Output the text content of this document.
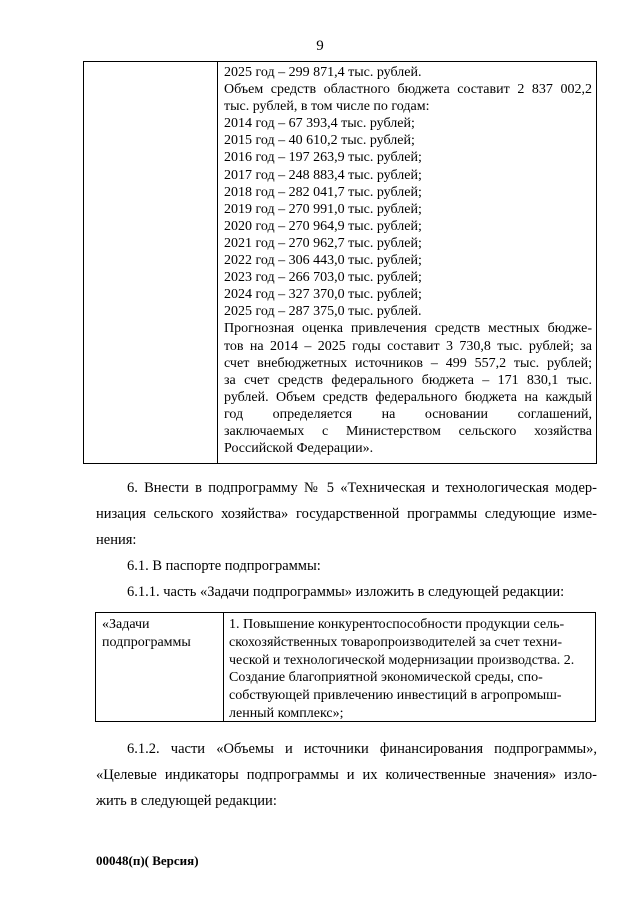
9
2025 год – 299 871,4 тыс. рублей.
Объем средств областного бюджета составит 2 837 002,2
тыс. рублей, в том числе по годам:
2014 год – 67 393,4 тыс. рублей;
2015 год – 40 610,2 тыс. рублей;
2016 год – 197 263,9 тыс. рублей;
2017 год – 248 883,4 тыс. рублей;
2018 год – 282 041,7 тыс. рублей;
2019 год – 270 991,0 тыс. рублей;
2020 год – 270 964,9 тыс. рублей;
2021 год – 270 962,7 тыс. рублей;
2022 год – 306 443,0 тыс. рублей;
2023 год – 266 703,0 тыс. рублей;
2024 год – 327 370,0 тыс. рублей;
2025 год – 287 375,0 тыс. рублей.
Прогнозная оценка привлечения средств местных бюдже-
тов на 2014 – 2025 годы составит 3 730,8 тыс. рублей; за
счет внебюджетных источников – 499 557,2 тыс. рублей;
за счет средств федерального бюджета – 171 830,1 тыс.
рублей. Объем средств федерального бюджета на каждый
год определяется на основании соглашений,
заключаемых с Министерством сельского хозяйства
Российской Федерации».
6. Внести в подпрограмму № 5 «Техническая и технологическая модер-
низация сельского хозяйства» государственной программы следующие изме-
нения:
6.1. В паспорте подпрограммы:
6.1.1. часть «Задачи подпрограммы» изложить в следующей редакции:
«Задачи
подпрограммы
1. Повышение конкурентоспособности продукции сель- скохозяйственных товаропроизводителей за счет техни- ческой и технологической модернизации производства. 2. Создание благоприятной экономической среды, спо- собствующей привлечению инвестиций в агропромыш- ленный комплекс»;
6.1.2. части «Объемы и источники финансирования подпрограммы»,
«Целевые индикаторы подпрограммы и их количественные значения» изло-
жить в следующей редакции:
00048(п)( Версия)
